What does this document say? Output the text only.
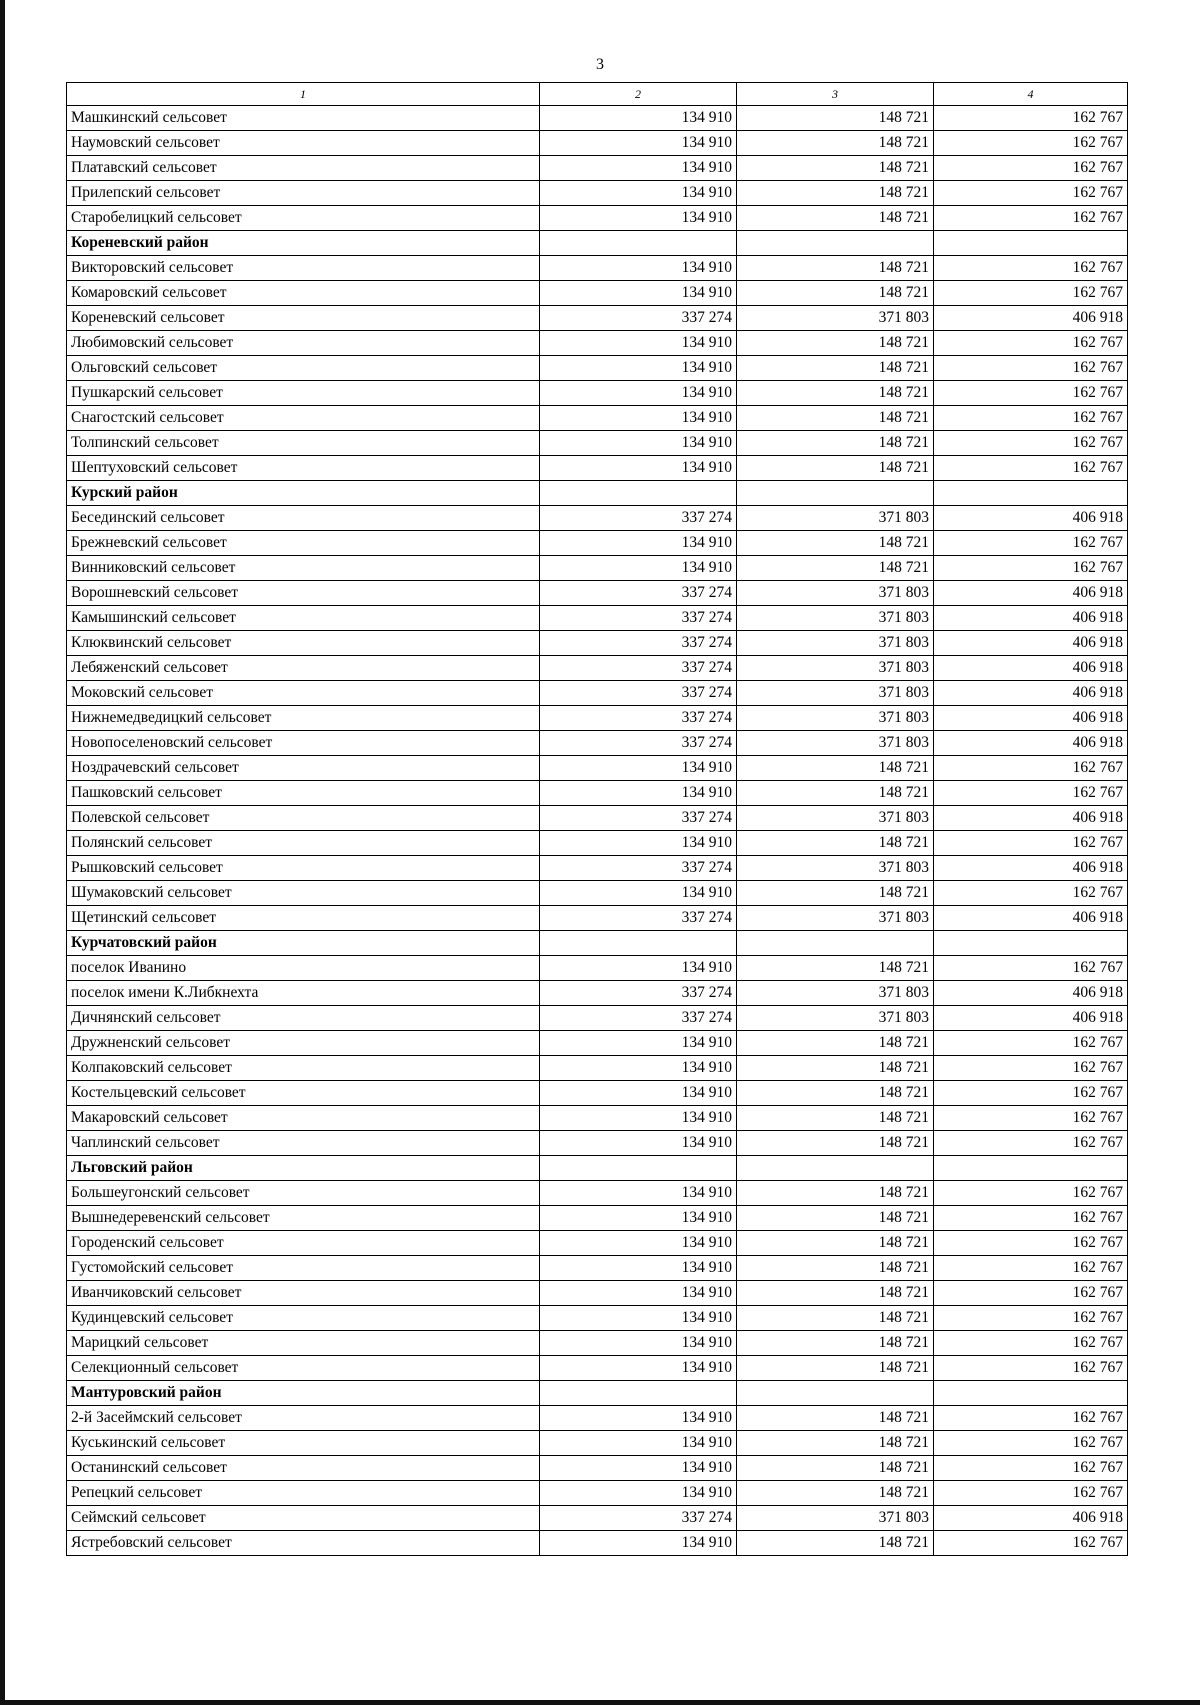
3
1	2	3	4
Машкинский сельсовет	134 910	148 721	162 767
Наумовский сельсовет	134 910	148 721	162 767
Платавский сельсовет	134 910	148 721	162 767
Прилепский сельсовет	134 910	148 721	162 767
Старобелицкий сельсовет	134 910	148 721	162 767
Кореневский район			
Викторовский сельсовет	134 910	148 721	162 767
Комаровский сельсовет	134 910	148 721	162 767
Кореневский сельсовет	337 274	371 803	406 918
Любимовский сельсовет	134 910	148 721	162 767
Ольговский сельсовет	134 910	148 721	162 767
Пушкарский сельсовет	134 910	148 721	162 767
Снагостский сельсовет	134 910	148 721	162 767
Толпинский сельсовет	134 910	148 721	162 767
Шептуховский сельсовет	134 910	148 721	162 767
Курский район			
Бесединский сельсовет	337 274	371 803	406 918
Брежневский сельсовет	134 910	148 721	162 767
Винниковский сельсовет	134 910	148 721	162 767
Ворошневский сельсовет	337 274	371 803	406 918
Камышинский сельсовет	337 274	371 803	406 918
Клюквинский сельсовет	337 274	371 803	406 918
Лебяженский сельсовет	337 274	371 803	406 918
Моковский сельсовет	337 274	371 803	406 918
Нижнемедведицкий сельсовет	337 274	371 803	406 918
Новопоселеновский сельсовет	337 274	371 803	406 918
Ноздрачевский сельсовет	134 910	148 721	162 767
Пашковский сельсовет	134 910	148 721	162 767
Полевской сельсовет	337 274	371 803	406 918
Полянский сельсовет	134 910	148 721	162 767
Рышковский сельсовет	337 274	371 803	406 918
Шумаковский сельсовет	134 910	148 721	162 767
Щетинский сельсовет	337 274	371 803	406 918
Курчатовский район			
поселок Иванино	134 910	148 721	162 767
поселок имени К.Либкнехта	337 274	371 803	406 918
Дичнянский сельсовет	337 274	371 803	406 918
Дружненский сельсовет	134 910	148 721	162 767
Колпаковский сельсовет	134 910	148 721	162 767
Костельцевский сельсовет	134 910	148 721	162 767
Макаровский сельсовет	134 910	148 721	162 767
Чаплинский сельсовет	134 910	148 721	162 767
Льговский район			
Большеугонский сельсовет	134 910	148 721	162 767
Вышнедеревенский сельсовет	134 910	148 721	162 767
Городенский сельсовет	134 910	148 721	162 767
Густомойский сельсовет	134 910	148 721	162 767
Иванчиковский сельсовет	134 910	148 721	162 767
Кудинцевский сельсовет	134 910	148 721	162 767
Марицкий сельсовет	134 910	148 721	162 767
Селекционный сельсовет	134 910	148 721	162 767
Мантуровский район			
2-й Засеймский сельсовет	134 910	148 721	162 767
Куськинский сельсовет	134 910	148 721	162 767
Останинский сельсовет	134 910	148 721	162 767
Репецкий сельсовет	134 910	148 721	162 767
Сеймский сельсовет	337 274	371 803	406 918
Ястребовский сельсовет	134 910	148 721	162 767
